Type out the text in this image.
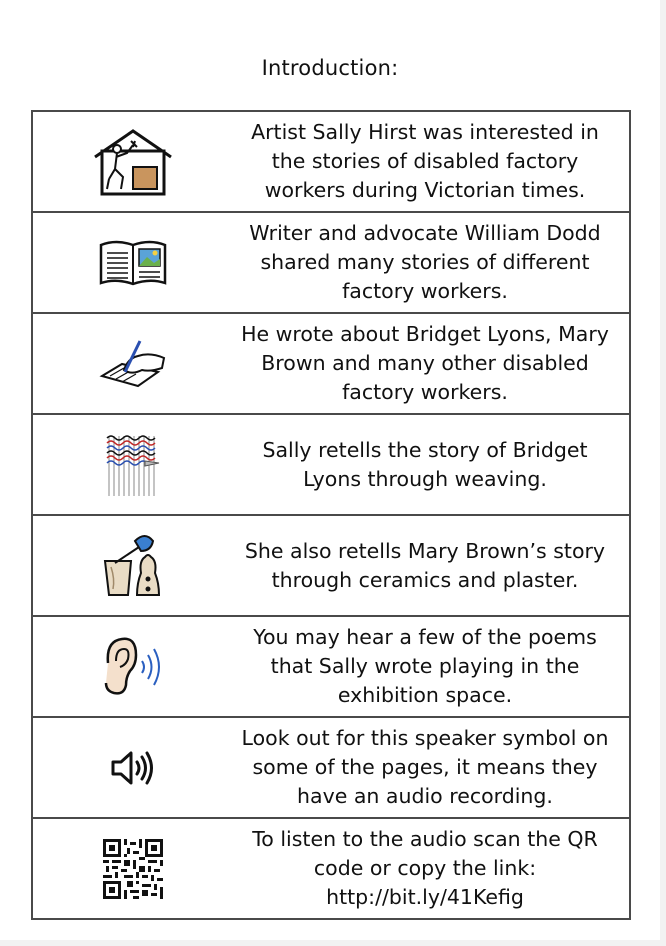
Introduction:
Artist Sally Hirst was interested in the stories of disabled factory workers during Victorian times.
Writer and advocate William Dodd shared many stories of different factory workers.
He wrote about Bridget Lyons, Mary Brown and many other disabled factory workers.
Sally retells the story of Bridget Lyons through weaving.
She also retells Mary Brown’s story through ceramics and plaster.
You may hear a few of the poems that Sally wrote playing in the exhibition space.
Look out for this speaker symbol on some of the pages, it means they have an audio recording.
To listen to the audio scan the QR code or copy the link: http://bit.ly/41Kefig
